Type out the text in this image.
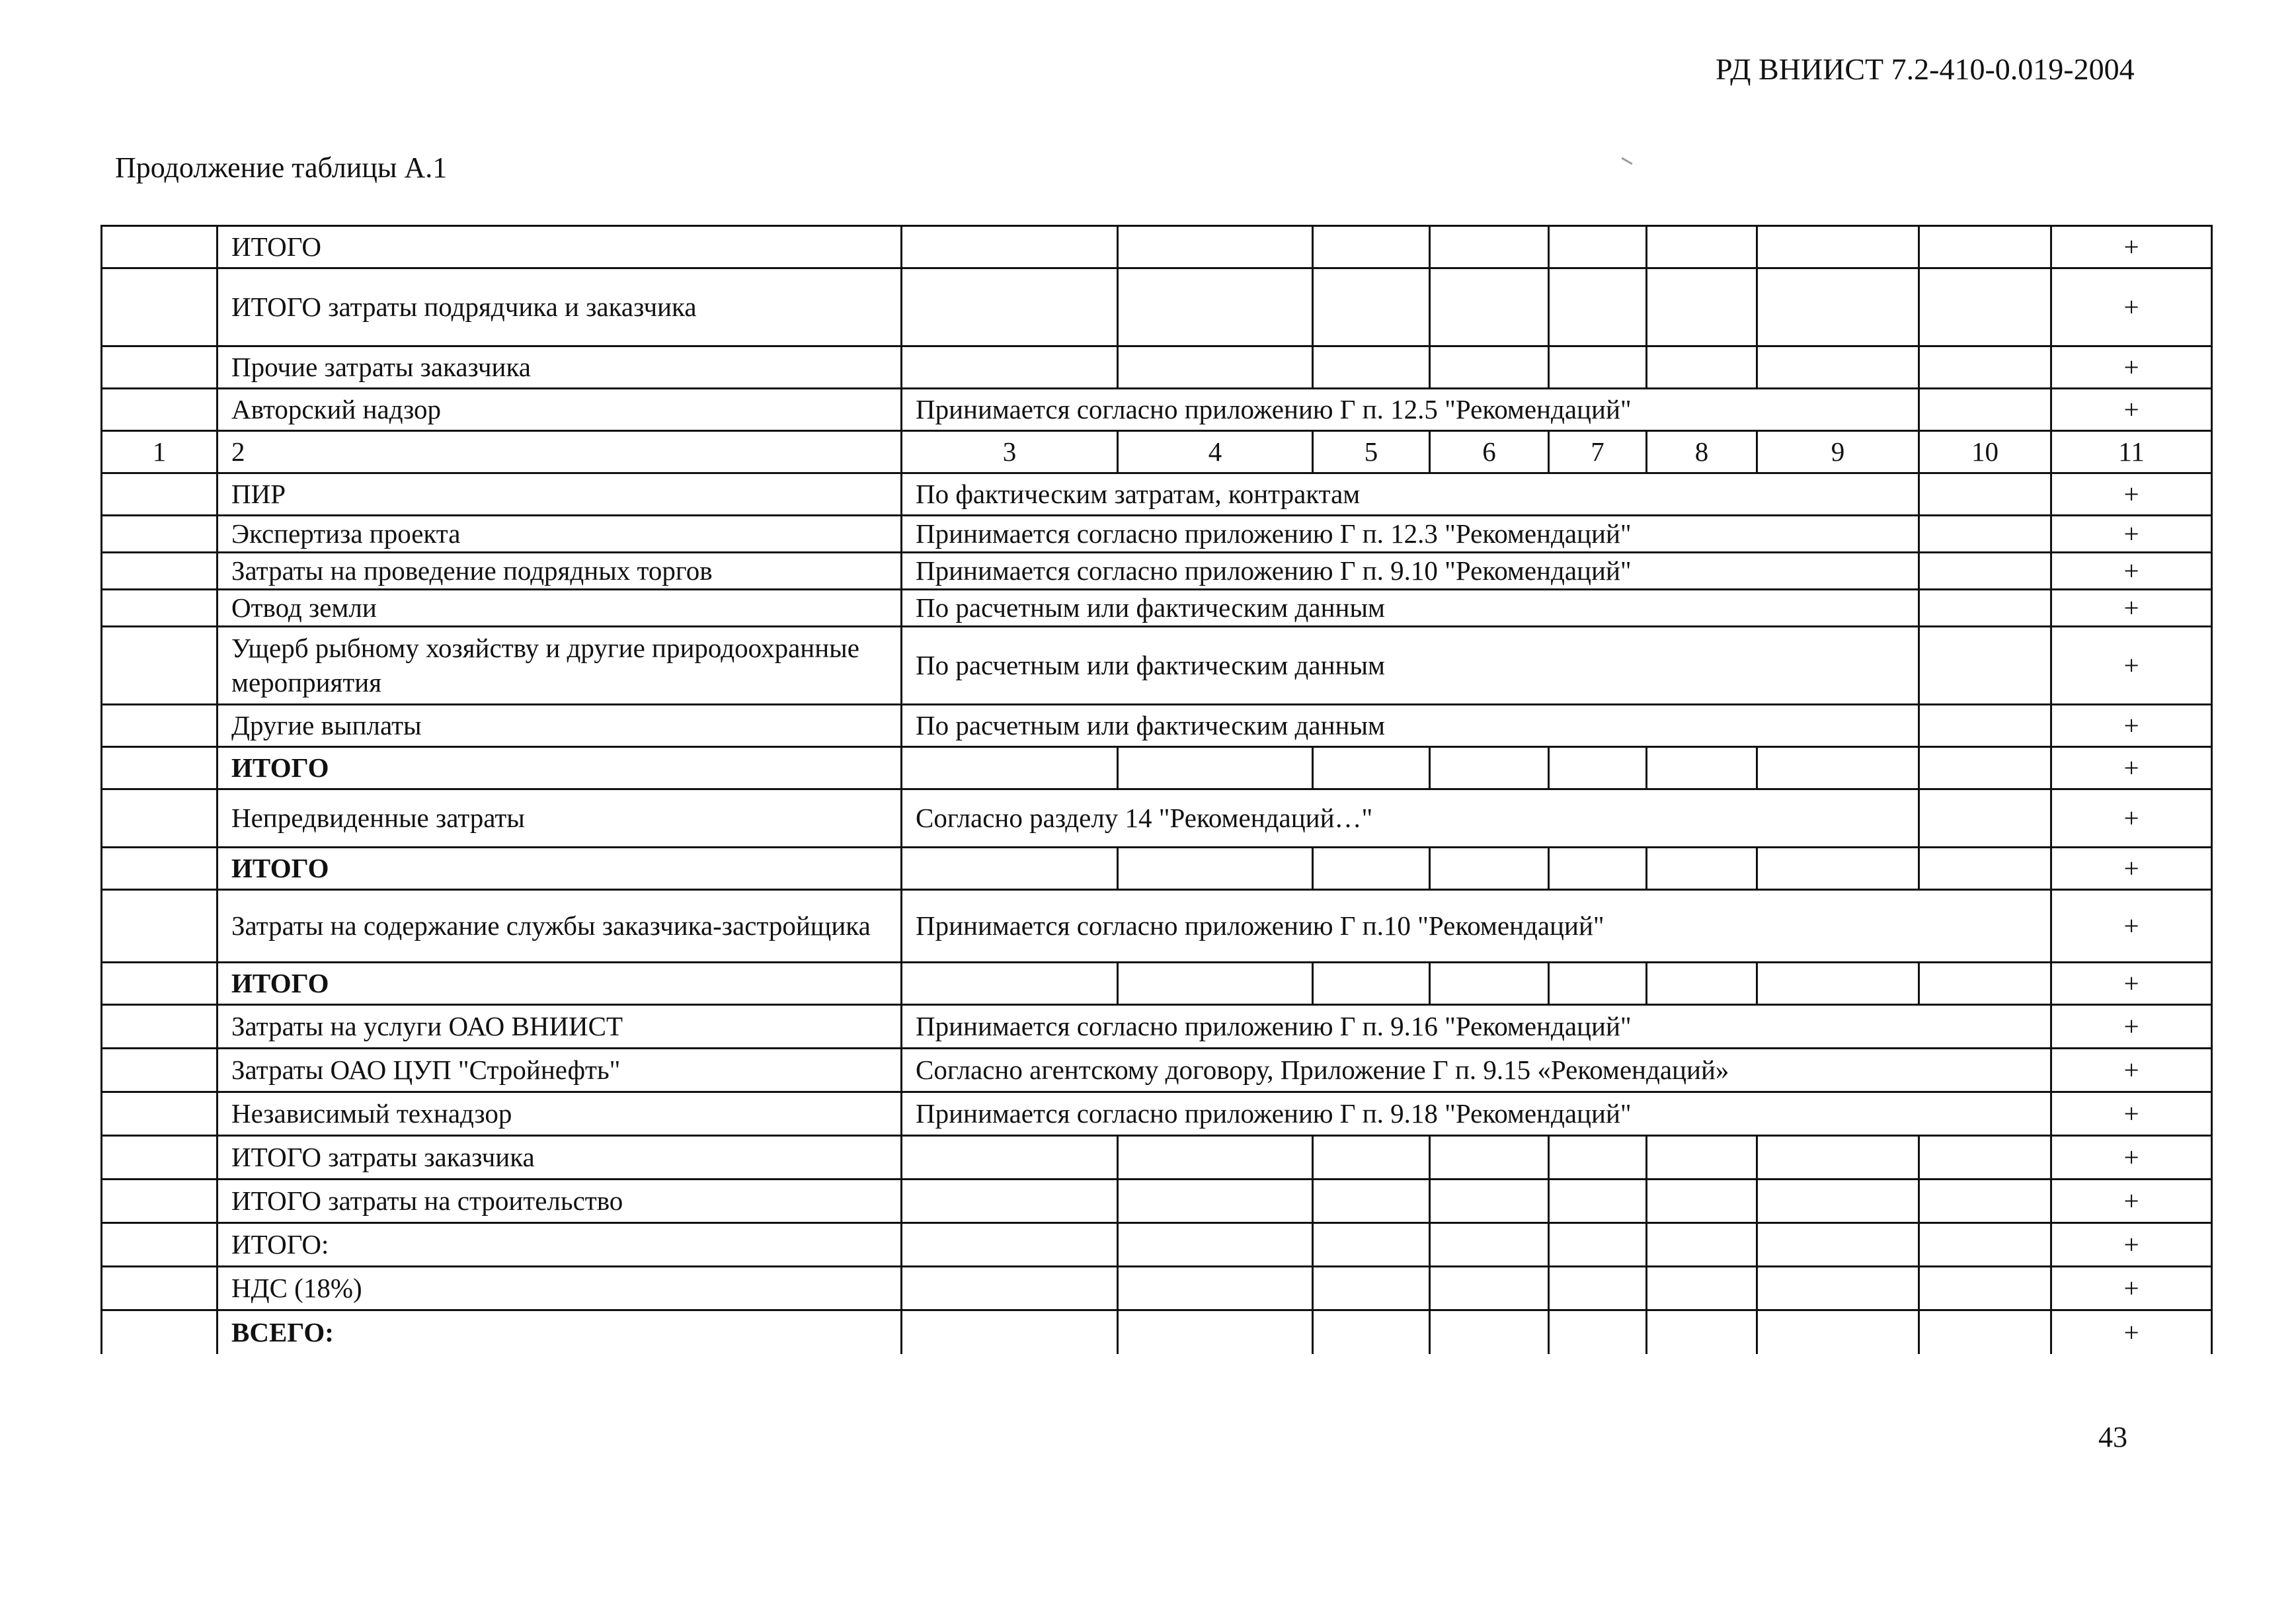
РД ВНИИСТ 7.2-410-0.019-2004
Продолжение таблицы А.1
	ИТОГО									+
	ИТОГО затраты подрядчика и заказчика									+
	Прочие затраты заказчика									+
	Авторский надзор	Принимается согласно приложению Г п. 12.5 "Рекомендаций"								+
1	2	3	4	5	6	7	8	9	10	11
	ПИР	По фактическим затратам, контрактам								+
	Экспертиза проекта	Принимается согласно приложению Г п. 12.3 "Рекомендаций"								+
	Затраты на проведение подрядных торгов	Принимается согласно приложению Г п. 9.10 "Рекомендаций"								+
	Отвод земли	По расчетным или фактическим данным								+
	Ущерб рыбному хозяйству и другие природоохранные мероприятия	По расчетным или фактическим данным								+
	Другие выплаты	По расчетным или фактическим данным								+
	ИТОГО									+
	Непредвиденные затраты	Согласно разделу 14 "Рекомендаций…"								+
	ИТОГО									+
	Затраты на содержание службы заказчика-застройщика	Принимается согласно приложению Г п.10 "Рекомендаций"								+
	ИТОГО									+
	Затраты на услуги ОАО ВНИИСТ	Принимается согласно приложению Г п. 9.16 "Рекомендаций"								+
	Затраты ОАО ЦУП "Стройнефть"	Согласно агентскому договору, Приложение Г п. 9.15 «Рекомендаций»								+
	Независимый технадзор	Принимается согласно приложению Г п. 9.18 "Рекомендаций"								+
	ИТОГО затраты заказчика									+
	ИТОГО затраты на строительство									+
	ИТОГО:									+
	НДС (18%)									+
	ВСЕГО:									+
43
